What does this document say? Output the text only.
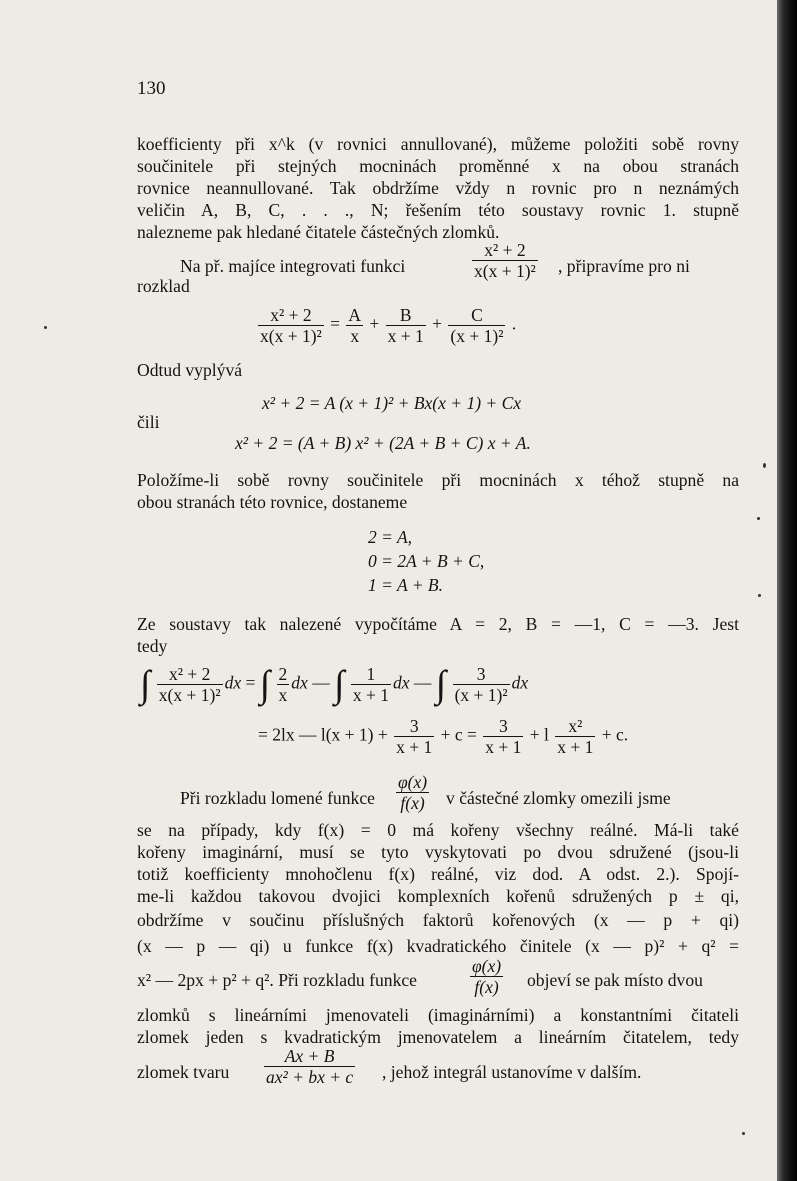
130
koefficienty při x^k (v rovnici annullované), můžeme položiti sobě rovny
součinitele při stejných mocninách proměnné x na obou stranách
rovnice neannullované. Tak obdržíme vždy n rovnic pro n neznámých
veličin A, B, C, . . ., N; řešením této soustavy rovnic 1. stupně
nalezneme pak hledané čitatele částečných zlomků.
Na př. majíce integrovati funkci	$\frac{\text{x² + 2}}{\text{x(x + 1)²}}$ , připravíme pro ni
rozklad
$\frac{\text{x² + 2}}{\text{x(x + 1)²}} = \frac{A}{x} + \frac{B}{x + 1} + \frac{C}{\text{(x + 1)²}}$ .
Odtud vyplývá
x² + 2 = A (x + 1)² + Bx(x + 1) + Cx
čili
x² + 2 = (A + B) x² + (2A + B + C) x + A.
Položíme-li sobě rovny součinitele při mocninách x téhož stupně na
obou stranách této rovnice, dostaneme
2 = A,
0 = 2A + B + C,
1 = A + B.
Ze soustavy tak nalezené vypočítáme A = 2, B = —1, C = —3. Jest
tedy
∫ $\frac{\text{x² + 2}}{\text{x(x + 1)²}}$ dx = ∫ $\frac{2}{x}$ dx — ∫ $\frac{1}{x + 1}$ dx — ∫ $\frac{3}{\text{(x + 1)²}}$ dx
= 2lx — $l(x + 1) + \frac{3}{x + 1} + c = \frac{3}{x + 1} + l \frac{\text{x²}}{x + 1} + c$.
Při rozkladu lomené funkce $\frac{\varphi(x)}{f(x)}$ v částečné zlomky omezili jsme
se na případy, kdy f(x) = 0 má kořeny všechny reálné. Má-li také
kořeny imaginární, musí se tyto vyskytovati po dvou sdružené (jsou-li
totiž koefficienty mnohočlenu f(x) reálné, viz dod. A odst. 2.). Spojí-
me-li každou takovou dvojici komplexních kořenů sdružených p ± qi,
obdržíme v součinu příslušných faktorů kořenových (x — p + qi)
(x — p — qi) u funkce f(x) kvadratického činitele (x — p)² + q² =
x² — 2px + p² + q². Při rozkladu funkce	$\frac{\varphi(x)}{f(x)}$ objeví se pak místo dvou
zlomků s lineárními jmenovateli (imaginárními) a konstantními čitateli
zlomek jeden s kvadratickým jmenovatelem a lineárním čitatelem, tedy
zlomek tvaru $\frac{Ax + B}{\text{ax² + bx + c}}$ , jehož integrál ustanovíme v dalším.
